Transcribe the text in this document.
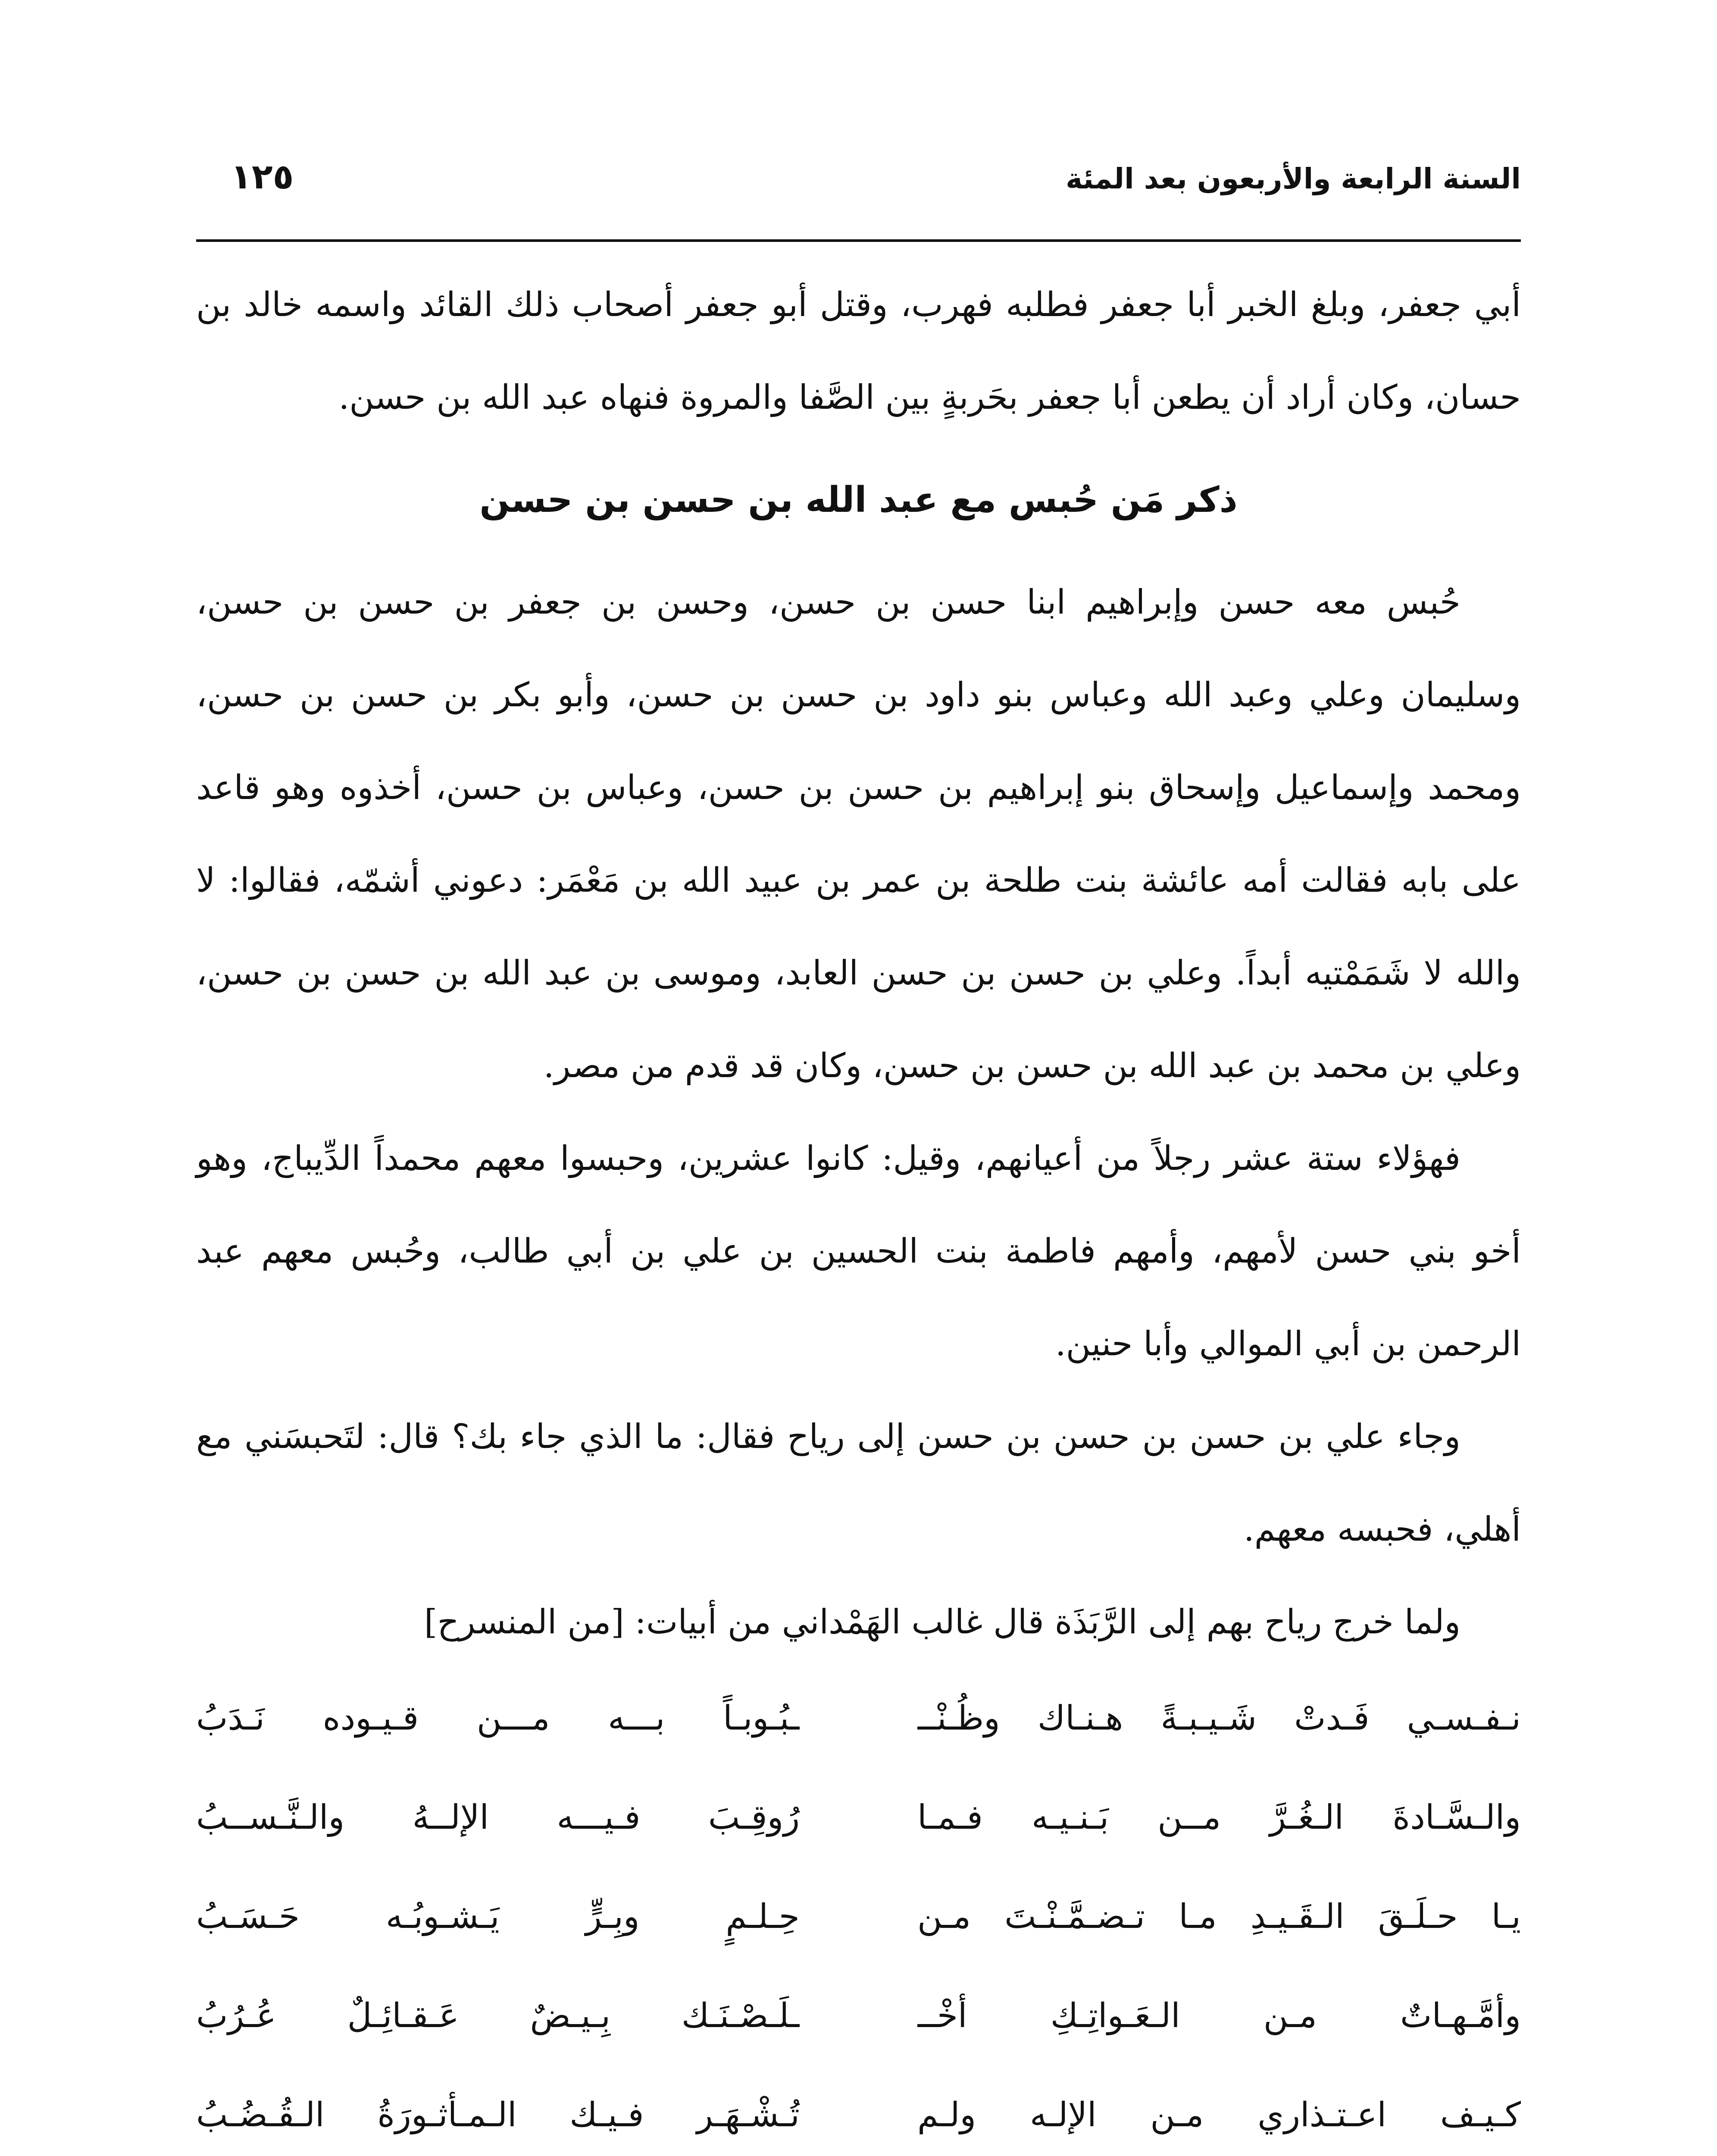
السنة الرابعة والأربعون بعد المئة
١٢٥

أبي جعفر، وبلغ الخبر أبا جعفر فطلبه فهرب، وقتل أبو جعفر أصحاب ذلك القائد واسمه خالد بن حسان، وكان أراد أن يطعن أبا جعفر بحَربةٍ بين الصَّفا والمروة فنهاه عبد الله بن حسن.

ذكر مَن حُبس مع عبد الله بن حسن بن حسن

حُبس معه حسن وإبراهيم ابنا حسن بن حسن، وحسن بن جعفر بن حسن بن حسن، وسليمان وعلي وعبد الله وعباس بنو داود بن حسن بن حسن، وأبو بكر بن حسن بن حسن، ومحمد وإسماعيل وإسحاق بنو إبراهيم بن حسن بن حسن، وعباس بن حسن، أخذوه وهو قاعد على بابه فقالت أمه عائشة بنت طلحة بن عمر بن عبيد الله بن مَعْمَر: دعوني أشمّه، فقالوا: لا والله لا شَمَمْتيه أبداً. وعلي بن حسن بن حسن العابد، وموسى بن عبد الله بن حسن بن حسن، وعلي بن محمد بن عبد الله بن حسن بن حسن، وكان قد قدم من مصر.

فهؤلاء ستة عشر رجلاً من أعيانهم، وقيل: كانوا عشرين، وحبسوا معهم محمداً الدِّيباج، وهو أخو بني حسن لأمهم، وأمهم فاطمة بنت الحسين بن علي بن أبي طالب، وحُبس معهم عبد الرحمن بن أبي الموالي وأبا حنين.

وجاء علي بن حسن بن حسن بن حسن إلى رياح فقال: ما الذي جاء بك؟ قال: لتَحبسَني مع أهلي، فحبسه معهم.

ولما خرج رياح بهم إلى الرَّبَذَة قال غالب الهَمْداني من أبيات: [من المنسرح]

نـفـسـي فَـدتْ شَـيـبـةً هـنـاك وظُـنْــ
ـبُـوبـاً بـــه مـــن قـيـوده نَـدَبُ
والـسَّـادةَ الـغُـرَّ مــن بَـنـيـه فـمـا
رُوقِـبَ فـيـــه الإلــهُ والـنَّـســبُ
يـا حـلَـقَ الـقَـيـدِ مـا تـضـمَّـنْـتَ مـن
حِـلـمٍ وبِـرٍّ يَـشـوبُـه حَـسَـبُ
وأمَّـهـاتٌ مـن الـعَـواتِـكِ أخْــ
ـلَـصْـنَـك بِـيـضٌ عَـقـائِـلٌ عُـرُبُ
كـيـف اعـتـذاري مـن الإلـه ولـم
تُـشْـهَـر فـيـك الـمـأثـورَةُ الـقُـضُـبُ
